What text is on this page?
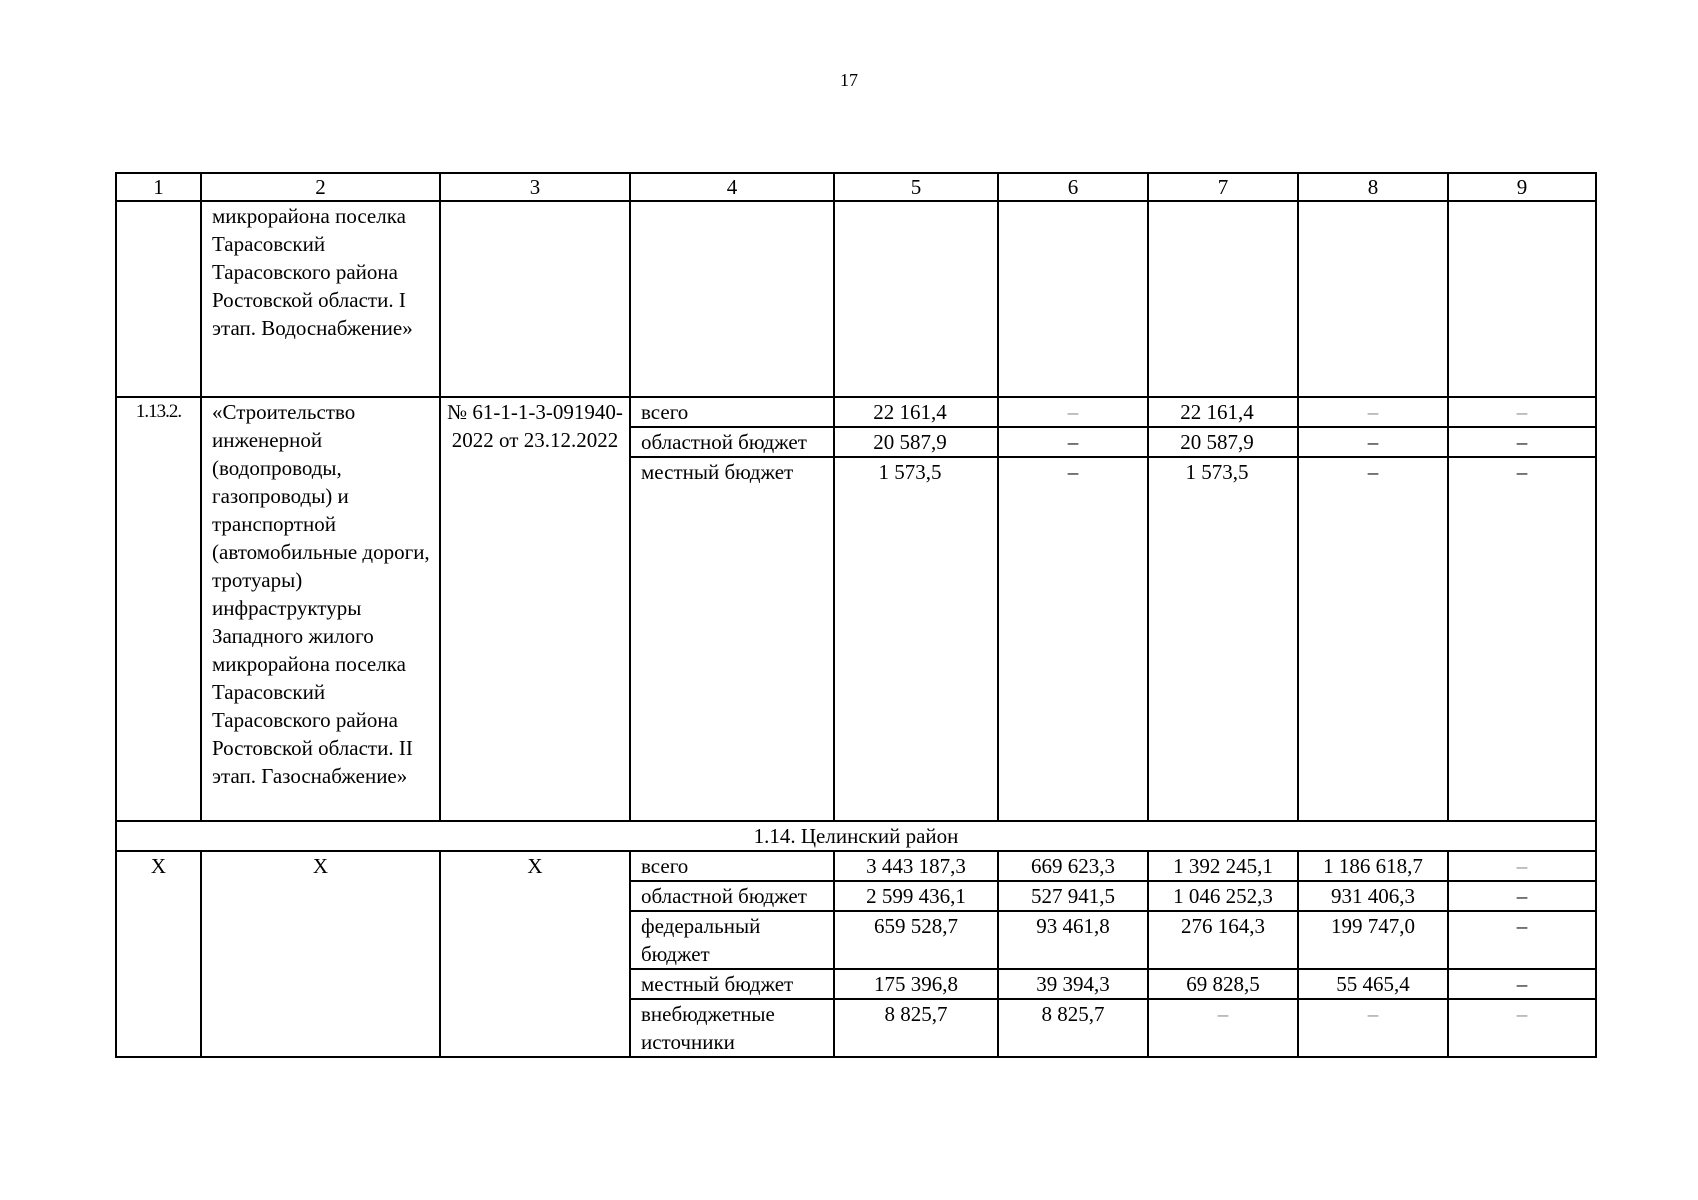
17
1	2	3	4	5	6	7	8	9
	микрорайона поселка Тарасовский Тарасовского района Ростовской области. I этап. Водоснабжение»							
1.13.2.	«Строительство инженерной (водопроводы, газопроводы) и транспортной (автомобильные дороги, тротуары) инфраструктуры Западного жилого микрорайона поселка Тарасовский Тарасовского района Ростовской области. II этап. Газоснабжение»	№ 61-1-1-3-091940-2022 от 23.12.2022	всего	22 161,4	–	22 161,4	–	–
			областной бюджет	20 587,9	–	20 587,9	–	–
			местный бюджет	1 573,5	–	1 573,5	–	–
1.14. Целинский район								
Х	Х	Х	всего	3 443 187,3	669 623,3	1 392 245,1	1 186 618,7	–
			областной бюджет	2 599 436,1	527 941,5	1 046 252,3	931 406,3	–
			федеральный бюджет	659 528,7	93 461,8	276 164,3	199 747,0	–
			местный бюджет	175 396,8	39 394,3	69 828,5	55 465,4	–
			внебюджетные источники	8 825,7	8 825,7	–	–	–
